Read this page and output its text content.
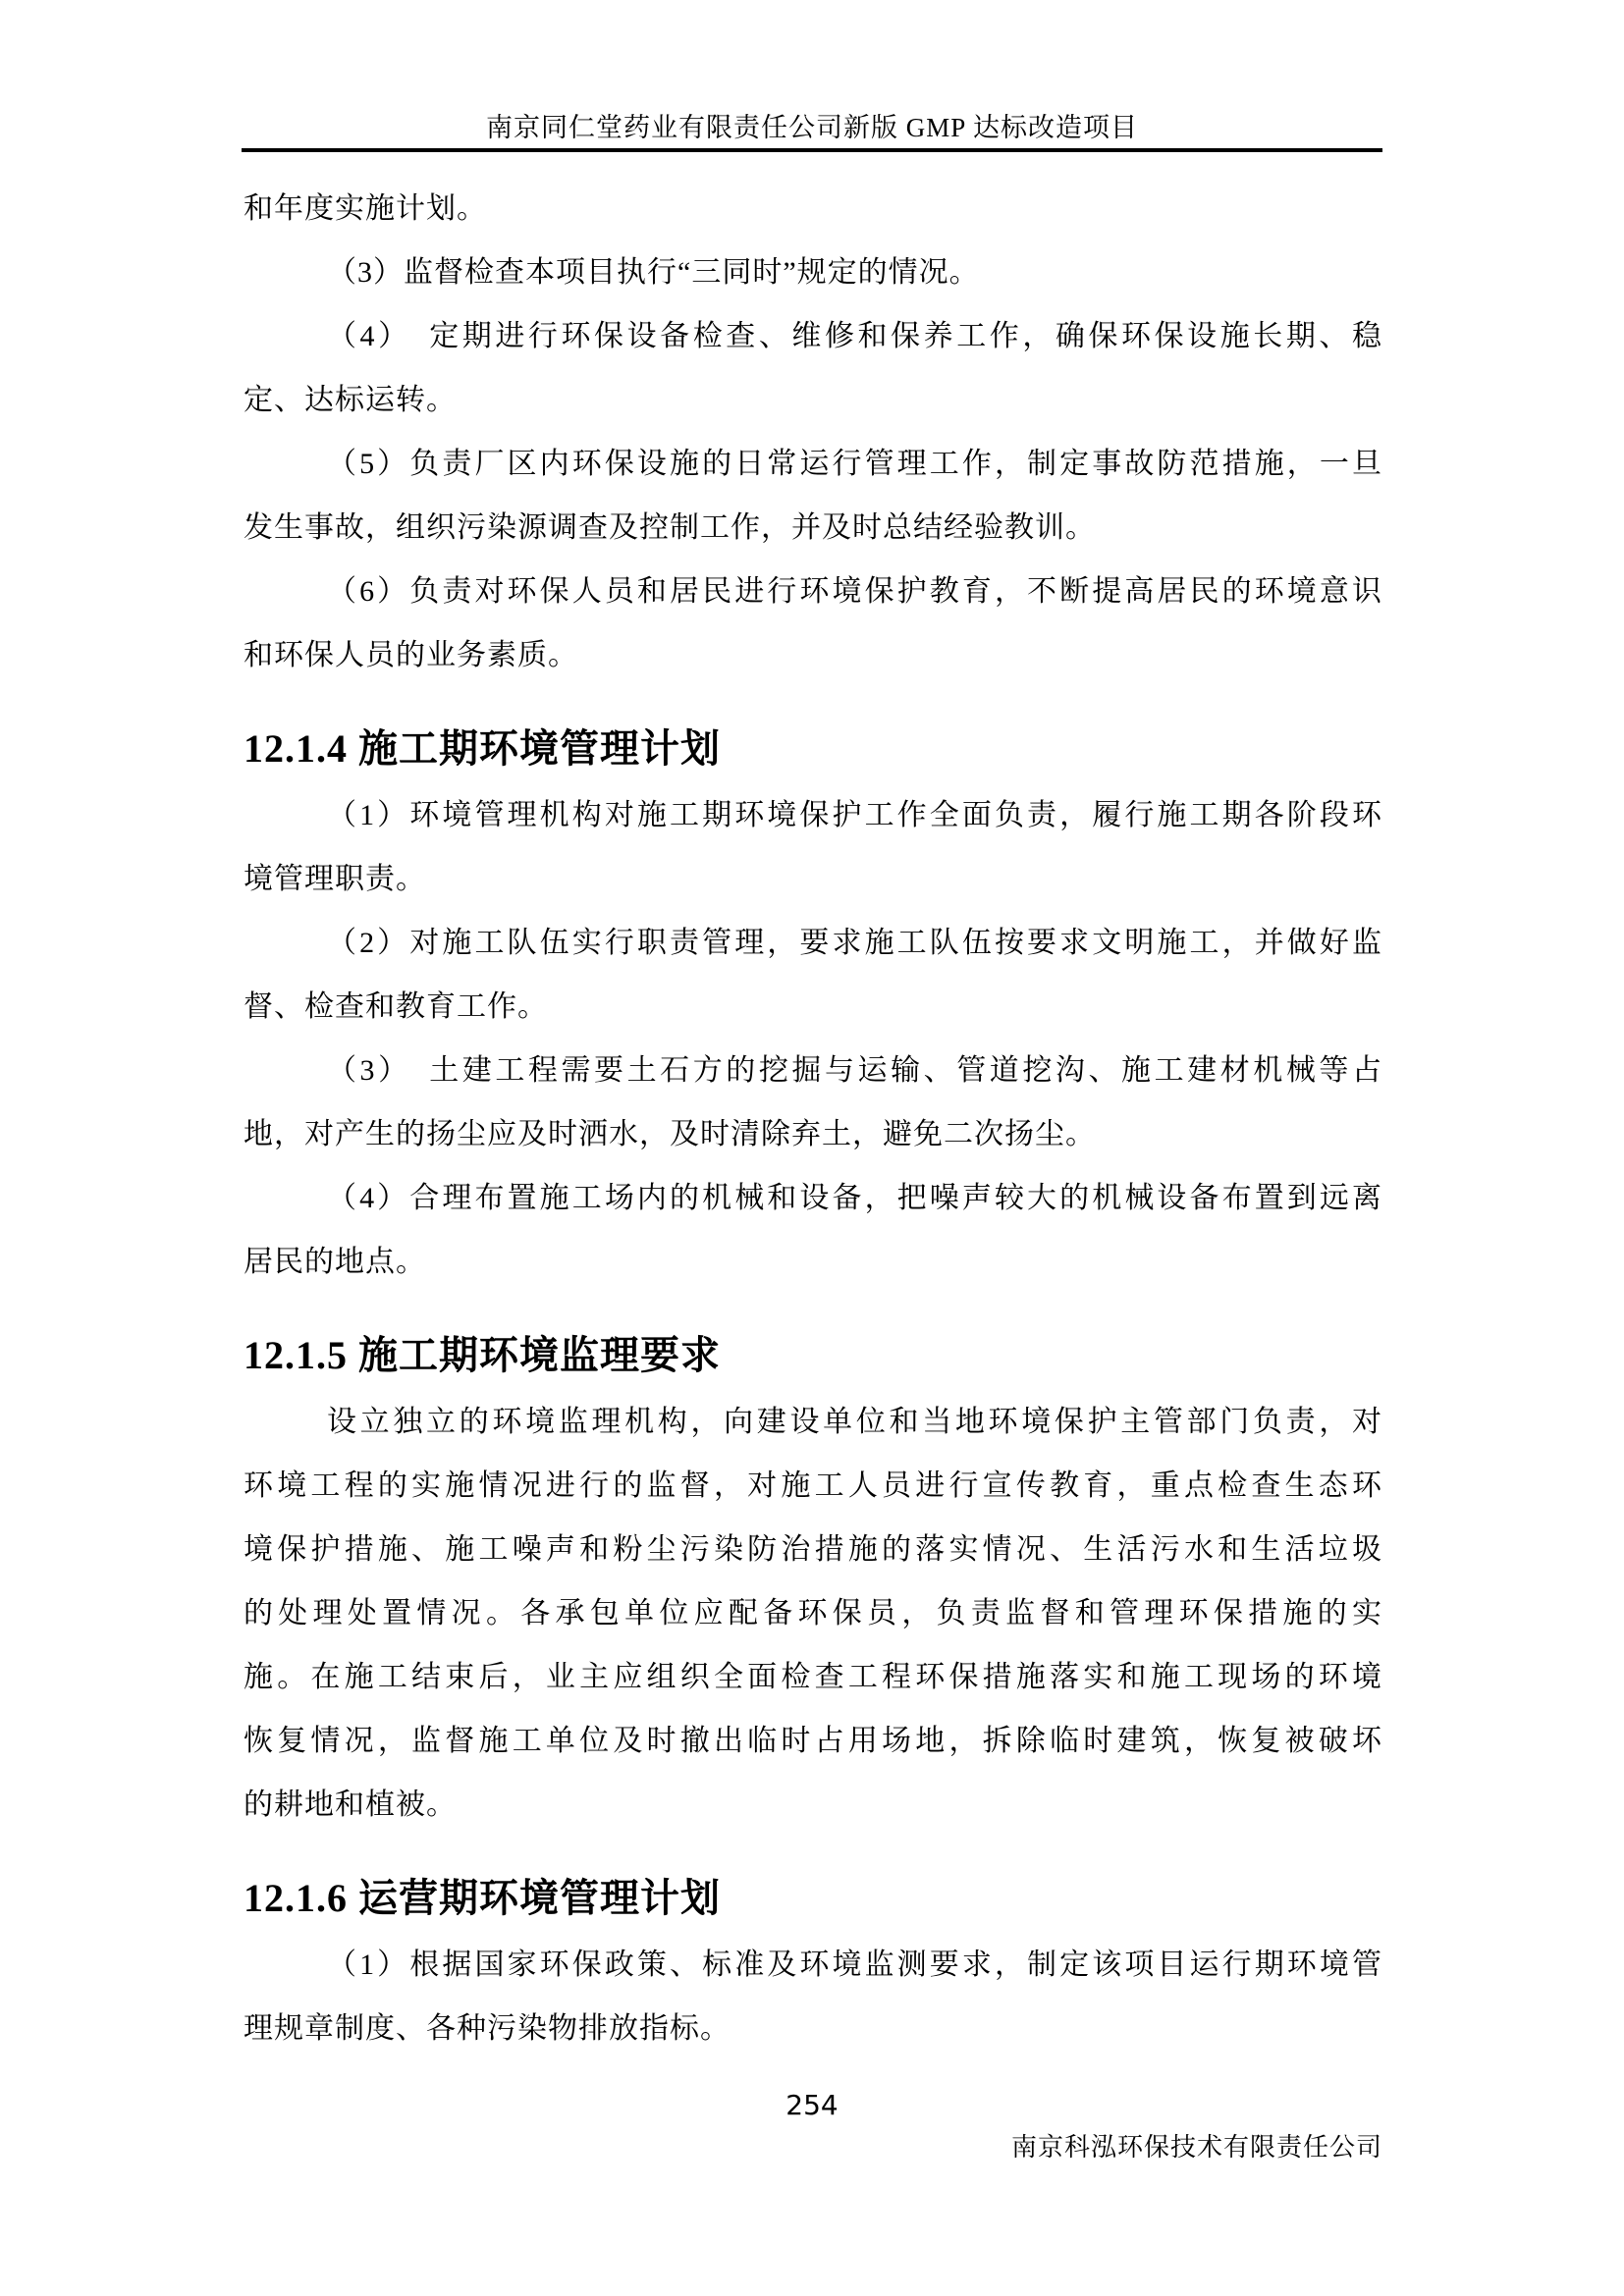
南京同仁堂药业有限责任公司新版 GMP 达标改造项目
和年度实施计划。
（3）监督检查本项目执行“三同时”规定的情况。
（4）　定期进行环保设备检查、维修和保养工作，确保环保设施长期、稳
定、达标运转。
（5）负责厂区内环保设施的日常运行管理工作，制定事故防范措施，一旦
发生事故，组织污染源调查及控制工作，并及时总结经验教训。
（6）负责对环保人员和居民进行环境保护教育，不断提高居民的环境意识
和环保人员的业务素质。
12.1.4 施工期环境管理计划
（1）环境管理机构对施工期环境保护工作全面负责，履行施工期各阶段环
境管理职责。
（2）对施工队伍实行职责管理，要求施工队伍按要求文明施工，并做好监
督、检查和教育工作。
（3）　土建工程需要土石方的挖掘与运输、管道挖沟、施工建材机械等占
地，对产生的扬尘应及时洒水，及时清除弃土，避免二次扬尘。
（4）合理布置施工场内的机械和设备，把噪声较大的机械设备布置到远离
居民的地点。
12.1.5 施工期环境监理要求
设立独立的环境监理机构，向建设单位和当地环境保护主管部门负责，对
环境工程的实施情况进行的监督，对施工人员进行宣传教育，重点检查生态环
境保护措施、施工噪声和粉尘污染防治措施的落实情况、生活污水和生活垃圾
的处理处置情况。各承包单位应配备环保员，负责监督和管理环保措施的实
施。在施工结束后，业主应组织全面检查工程环保措施落实和施工现场的环境
恢复情况，监督施工单位及时撤出临时占用场地，拆除临时建筑，恢复被破坏
的耕地和植被。
12.1.6 运营期环境管理计划
（1）根据国家环保政策、标准及环境监测要求，制定该项目运行期环境管
理规章制度、各种污染物排放指标。
254
南京科泓环保技术有限责任公司
